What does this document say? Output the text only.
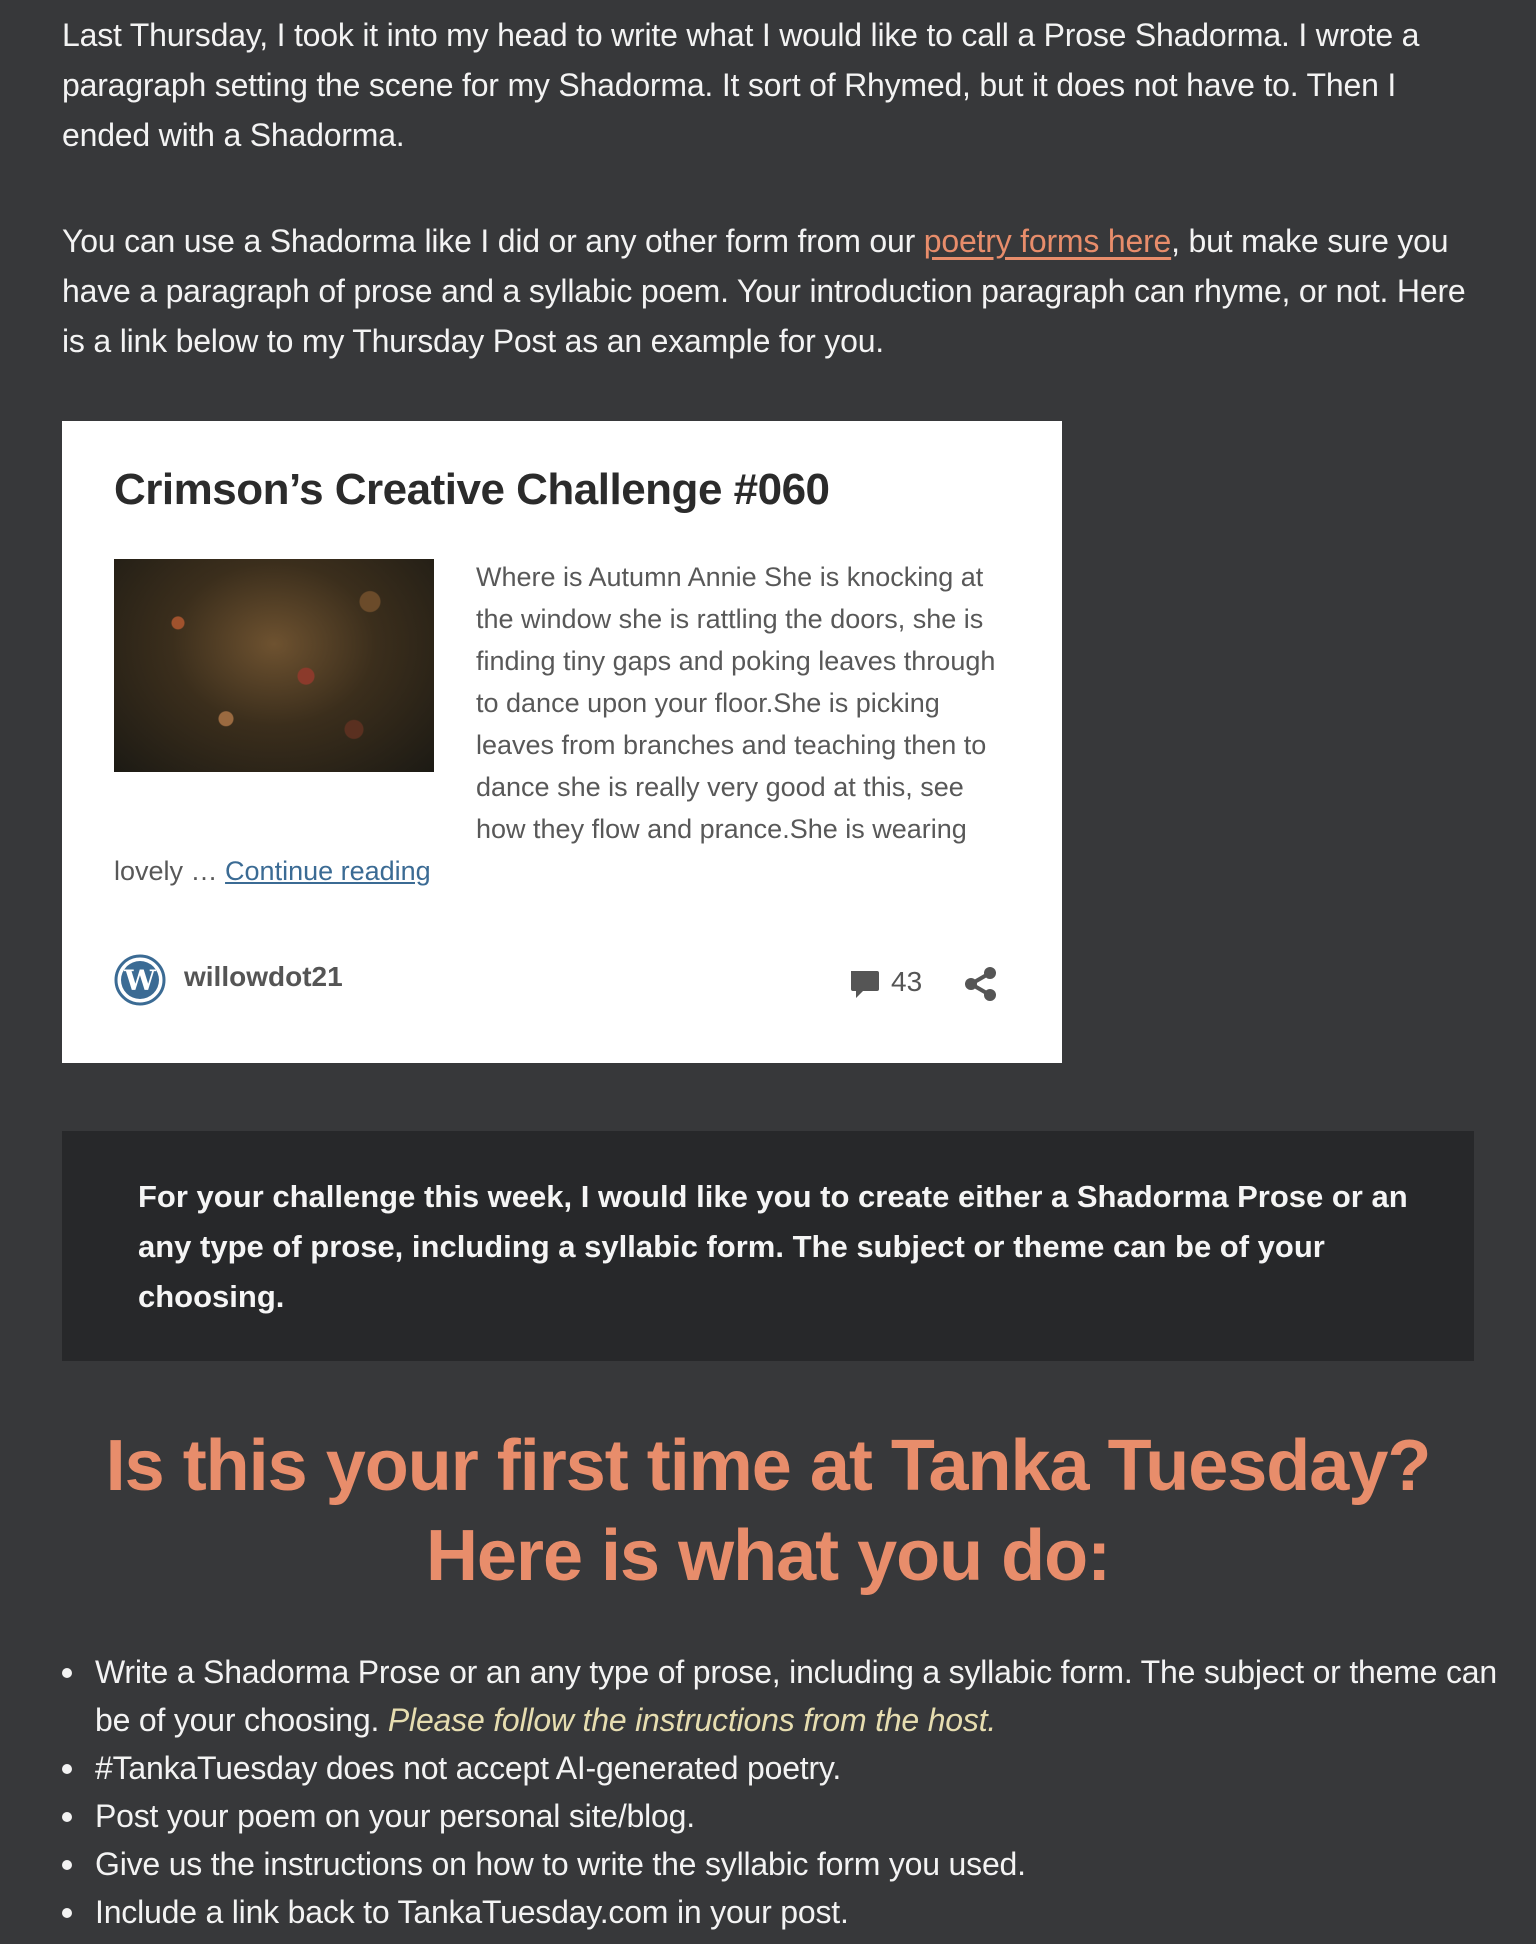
Last Thursday, I took it into my head to write what I would like to call a Prose Shadorma. I wrote a paragraph setting the scene for my Shadorma. It sort of Rhymed, but it does not have to. Then I ended with a Shadorma.

You can use a Shadorma like I did or any other form from our poetry forms here, but make sure you have a paragraph of prose and a syllabic poem. Your introduction paragraph can rhyme, or not. Here is a link below to my Thursday Post as an example for you.

Crimson’s Creative Challenge #060

Where is Autumn Annie She is knocking at the window she is rattling the doors, she is finding tiny gaps and poking leaves through to dance upon your floor.She is picking leaves from branches and teaching then to dance she is really very good at this, see how they flow and prance.She is wearing lovely … Continue reading

W willowdot21	43

For your challenge this week, I would like you to create either a Shadorma Prose or an any type of prose, including a syllabic form. The subject or theme can be of your choosing.

Is this your first time at Tanka Tuesday?
Here is what you do:
Write a Shadorma Prose or an any type of prose, including a syllabic form. The subject or theme can be of your choosing. Please follow the instructions from the host.
#TankaTuesday does not accept AI-generated poetry.
Post your poem on your personal site/blog.
Give us the instructions on how to write the syllabic form you used.
Include a link back to TankaTuesday.com in your post.
